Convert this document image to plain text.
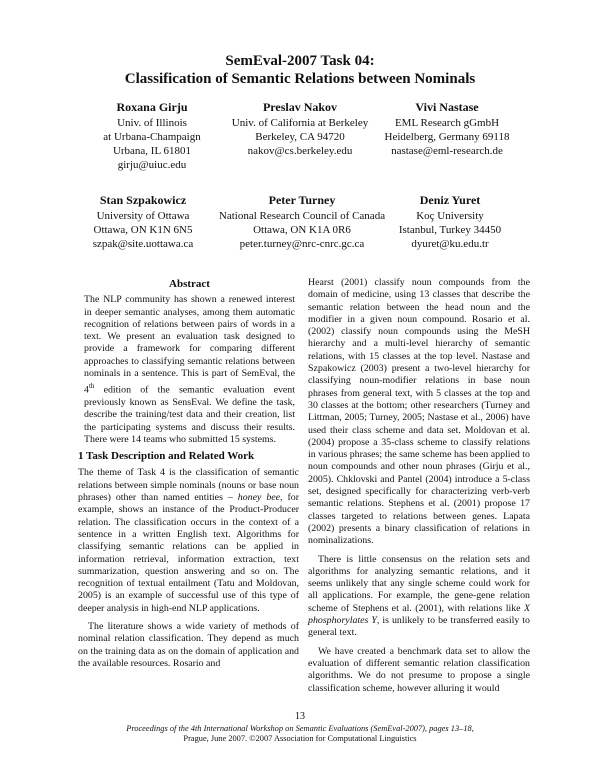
SemEval-2007 Task 04:
Classification of Semantic Relations between Nominals
Roxana Girju
Univ. of Illinois
at Urbana-Champaign
Urbana, IL 61801
girju@uiuc.edu
Preslav Nakov
Univ. of California at Berkeley
Berkeley, CA 94720
nakov@cs.berkeley.edu
Vivi Nastase
EML Research gGmbH
Heidelberg, Germany 69118
nastase@eml-research.de
Stan Szpakowicz
University of Ottawa
Ottawa, ON K1N 6N5
szpak@site.uottawa.ca
Peter Turney
National Research Council of Canada
Ottawa, ON K1A 0R6
peter.turney@nrc-cnrc.gc.ca
Deniz Yuret
Koç University
Istanbul, Turkey 34450
dyuret@ku.edu.tr
Abstract

The NLP community has shown a renewed interest in deeper semantic analyses, among them automatic recognition of relations between pairs of words in a text. We present an evaluation task designed to provide a framework for comparing different approaches to classifying semantic relations between nominals in a sentence. This is part of SemEval, the 4th edition of the semantic evaluation event previously known as SensEval. We define the task, describe the training/test data and their creation, list the participating systems and discuss their results. There were 14 teams who submitted 15 systems.

1 Task Description and Related Work

The theme of Task 4 is the classification of semantic relations between simple nominals (nouns or base noun phrases) other than named entities – honey bee, for example, shows an instance of the Product-Producer relation. The classification occurs in the context of a sentence in a written English text. Algorithms for classifying semantic relations can be applied in information retrieval, information extraction, text summarization, question answering and so on. The recognition of textual entailment (Tatu and Moldovan, 2005) is an example of successful use of this type of deeper analysis in high-end NLP applications.

The literature shows a wide variety of methods of nominal relation classification. They depend as much on the training data as on the domain of application and the available resources. Rosario and

Hearst (2001) classify noun compounds from the domain of medicine, using 13 classes that describe the semantic relation between the head noun and the modifier in a given noun compound. Rosario et al. (2002) classify noun compounds using the MeSH hierarchy and a multi-level hierarchy of semantic relations, with 15 classes at the top level. Nastase and Szpakowicz (2003) present a two-level hierarchy for classifying noun-modifier relations in base noun phrases from general text, with 5 classes at the top and 30 classes at the bottom; other researchers (Turney and Littman, 2005; Turney, 2005; Nastase et al., 2006) have used their class scheme and data set. Moldovan et al. (2004) propose a 35-class scheme to classify relations in various phrases; the same scheme has been applied to noun compounds and other noun phrases (Girju et al., 2005). Chklovski and Pantel (2004) introduce a 5-class set, designed specifically for characterizing verb-verb semantic relations. Stephens et al. (2001) propose 17 classes targeted to relations between genes. Lapata (2002) presents a binary classification of relations in nominalizations.

There is little consensus on the relation sets and algorithms for analyzing semantic relations, and it seems unlikely that any single scheme could work for all applications. For example, the gene-gene relation scheme of Stephens et al. (2001), with relations like X phosphorylates Y, is unlikely to be transferred easily to general text.

We have created a benchmark data set to allow the evaluation of different semantic relation classification algorithms. We do not presume to propose a single classification scheme, however alluring it would

13
Proceedings of the 4th International Workshop on Semantic Evaluations (SemEval-2007), pages 13–18,
Prague, June 2007. ©2007 Association for Computational Linguistics
